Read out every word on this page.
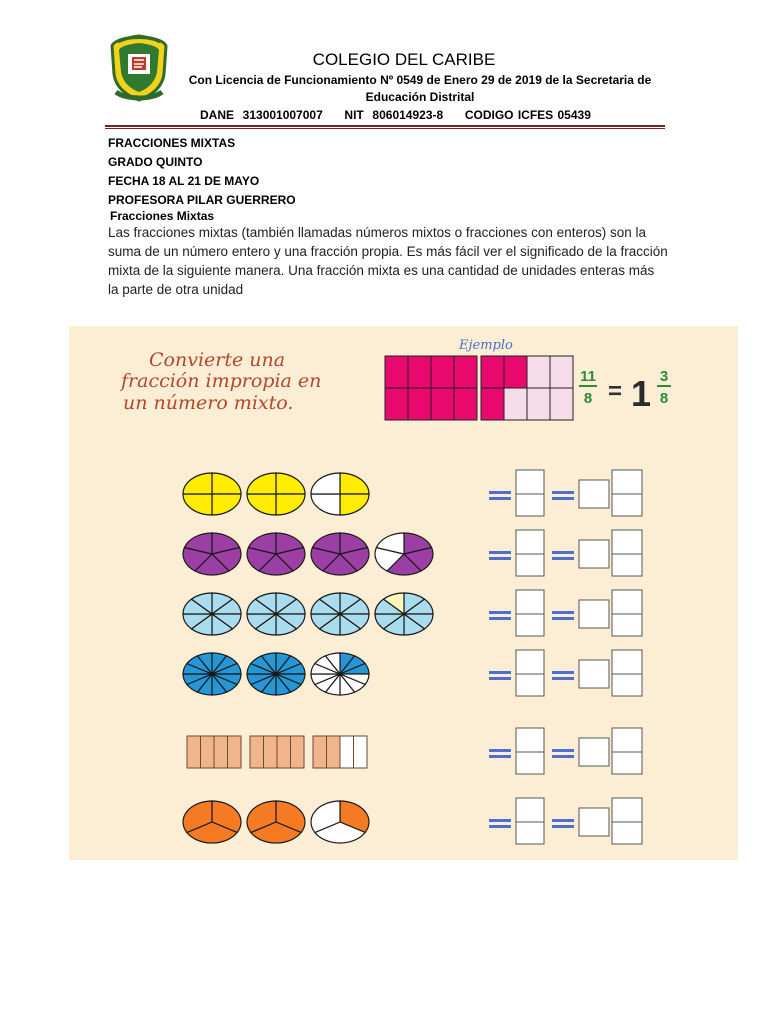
COLEGIO DEL CARIBE
Con Licencia de Funcionamiento Nº 0549 de Enero 29 de 2019 de la Secretaria de Educación Distrital
DANE  313001007007     NIT  806014923-8     CODIGO ICFES 05439
FRACCIONES MIXTAS
GRADO QUINTO
FECHA 18 AL 21 DE MAYO
PROFESORA PILAR GUERRERO
Fracciones Mixtas
Las fracciones mixtas (también llamadas números mixtos o fracciones con enteros) son la suma de un número entero y una fracción propia. Es más fácil ver el significado de la fracción mixta de la siguiente manera. Una fracción mixta es una cantidad de unidades enteras más la parte de otra unidad
Convierte una
fracción impropia en
un número mixto.
Ejemplo
11
8 = 1 3
8
